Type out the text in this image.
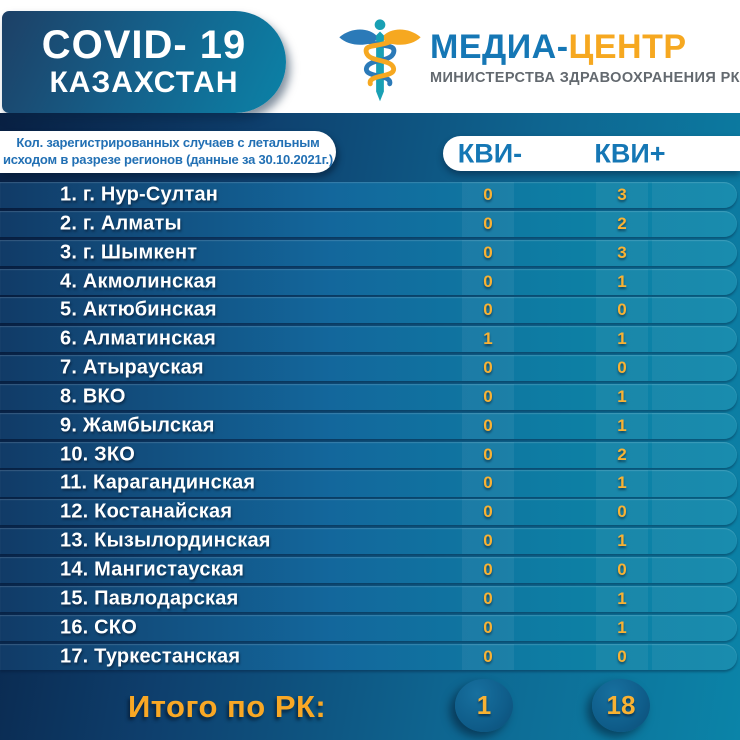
COVID- 19
КАЗАХСТАН
МЕДИА-ЦЕНТР
МИНИСТЕРСТВА ЗДРАВООХРАНЕНИЯ РК
Кол. зарегистрированных случаев с летальным
исходом в разрезе регионов (данные за 30.10.2021г.)	КВИ-	КВИ+
1. г. Нур-Султан	0	3
2. г. Алматы	0	2
3. г. Шымкент	0	3
4. Акмолинская	0	1
5. Актюбинская	0	0
6. Алматинская	1	1
7. Атырауская	0	0
8. ВКО	0	1
9. Жамбылская	0	1
10. ЗКО	0	2
11. Карагандинская	0	1
12. Костанайская	0	0
13. Кызылординская	0	1
14. Мангистауская	0	0
15. Павлодарская	0	1
16. СКО	0	1
17. Туркестанская	0	0
Итого по РК:	1	18
